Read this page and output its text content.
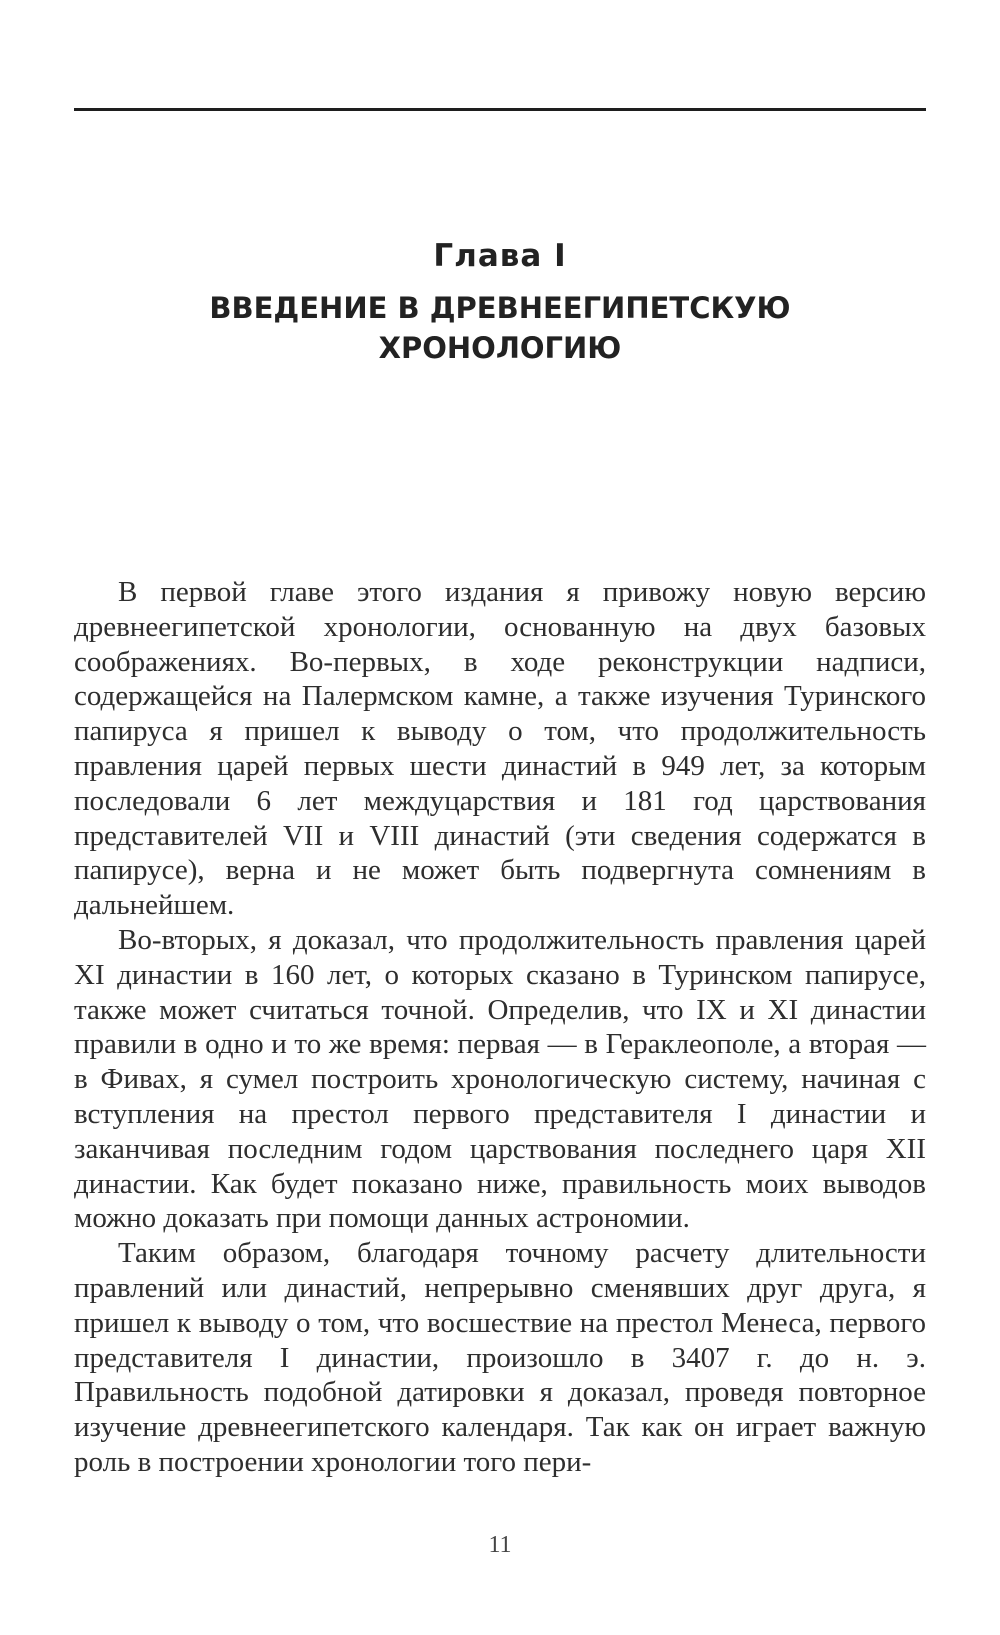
Глава I
ВВЕДЕНИЕ В ДРЕВНЕЕГИПЕТСКУЮ ХРОНОЛОГИЮ

В первой главе этого издания я привожу новую версию древнеегипетской хронологии, основанную на двух базовых соображениях. Во-первых, в ходе реконструкции надписи, содержащейся на Палермском камне, а также изучения Туринского папируса я пришел к выводу о том, что продолжительность правления царей первых шести династий в 949 лет, за которым последовали 6 лет междуцарствия и 181 год царствования представителей VII и VIII династий (эти сведения содержатся в папирусе), верна и не может быть подвергнута сомнениям в дальнейшем.

Во-вторых, я доказал, что продолжительность правления царей XI династии в 160 лет, о которых сказано в Туринском папирусе, также может считаться точной. Определив, что IX и XI династии правили в одно и то же время: первая — в Гераклеополе, а вторая — в Фивах, я сумел построить хронологическую систему, начиная с вступления на престол первого представителя I династии и заканчивая последним годом царствования последнего царя XII династии. Как будет показано ниже, правильность моих выводов можно доказать при помощи данных астрономии.

Таким образом, благодаря точному расчету длительности правлений или династий, непрерывно сменявших друг друга, я пришел к выводу о том, что восшествие на престол Менеса, первого представителя I династии, произошло в 3407 г. до н. э. Правильность подобной датировки я доказал, проведя повторное изучение древнеегипетского календаря. Так как он играет важную роль в построении хронологии того пери-

11
